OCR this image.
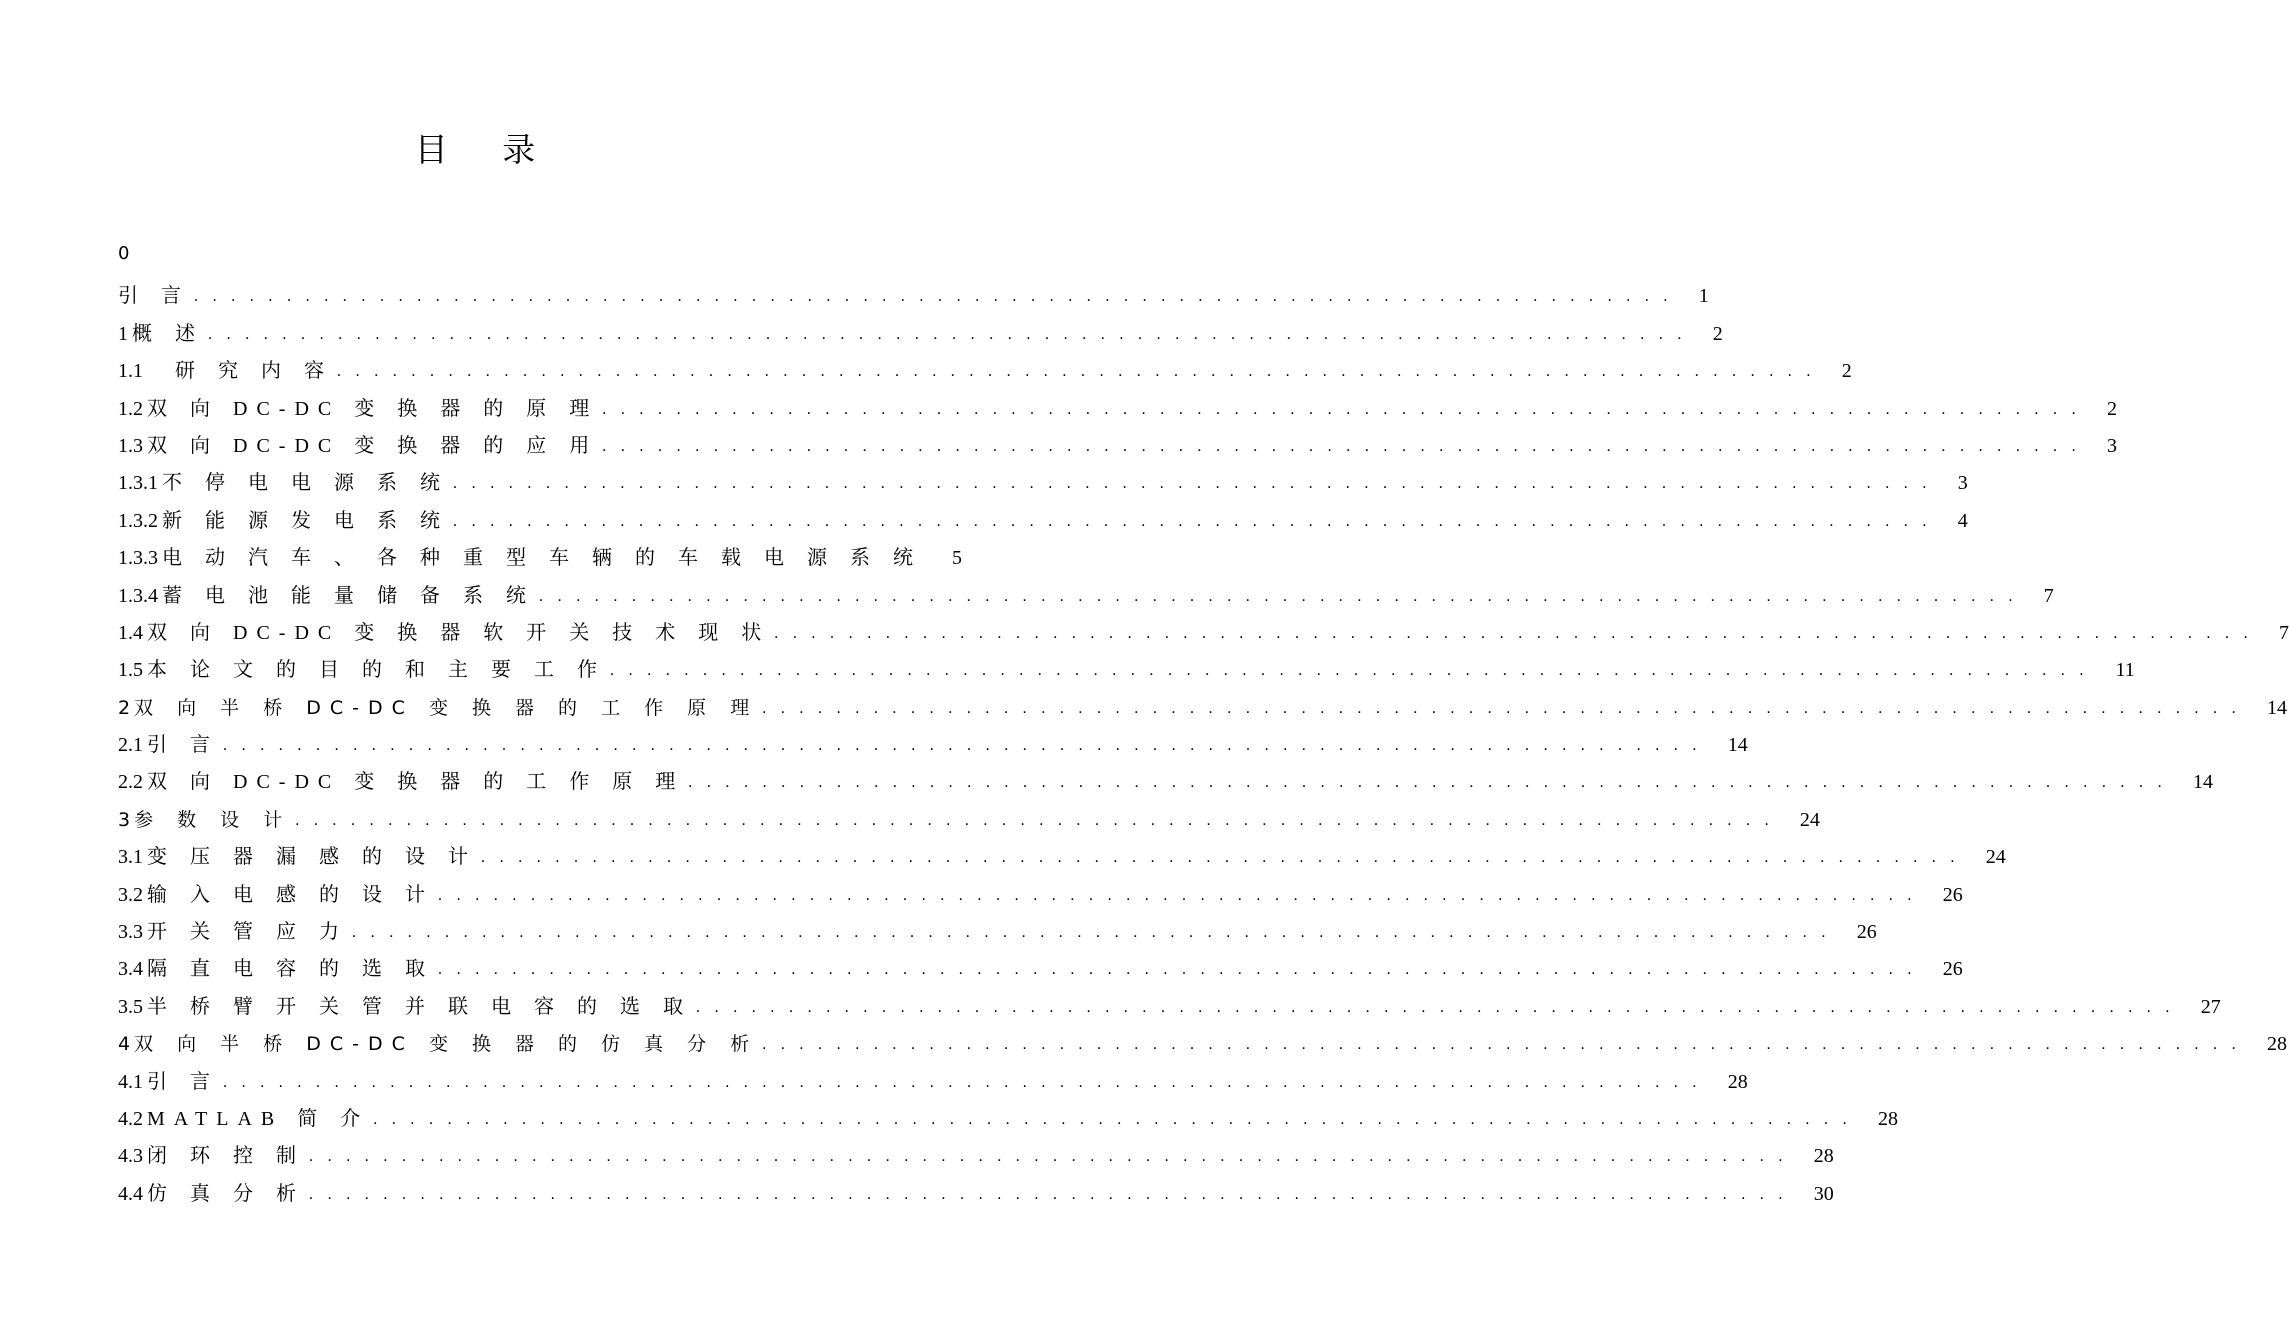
目 录
0
引 言 . . . . . . . . . . . . . . . . . . . . . . . . . . . . . . . . . . . . . . . . . . . . . . . . . . . . . . . . . . . . . . . . . . . . . . . . . . . . . . . .	1
1 概 述 . . . . . . . . . . . . . . . . . . . . . . . . . . . . . . . . . . . . . . . . . . . . . . . . . . . . . . . . . . . . . . . . . . . . . . . . . . . . . . . .	2
1.1  研 究 内 容 . . . . . . . . . . . . . . . . . . . . . . . . . . . . . . . . . . . . . . . . . . . . . . . . . . . . . . . . . . . . . . . . . . . . . . . . . . . . . . . .	2
1.2 双 向 DC-DC 变 换 器 的 原 理 . . . . . . . . . . . . . . . . . . . . . . . . . . . . . . . . . . . . . . . . . . . . . . . . . . . . . . . . . . . . . . . . . . . . . . . . . . . . . . . .	2
1.3 双 向 DC-DC 变 换 器 的 应 用 . . . . . . . . . . . . . . . . . . . . . . . . . . . . . . . . . . . . . . . . . . . . . . . . . . . . . . . . . . . . . . . . . . . . . . . . . . . . . . . .	3
1.3.1 不 停 电 电 源 系 统 . . . . . . . . . . . . . . . . . . . . . . . . . . . . . . . . . . . . . . . . . . . . . . . . . . . . . . . . . . . . . . . . . . . . . . . . . . . . . . . .	3
1.3.2 新 能 源 发 电 系 统 . . . . . . . . . . . . . . . . . . . . . . . . . . . . . . . . . . . . . . . . . . . . . . . . . . . . . . . . . . . . . . . . . . . . . . . . . . . . . . . .	4
1.3.3 电 动 汽 车 、 各 种 重 型 车 辆 的 车 载 电 源 系 统	5
1.3.4 蓄 电 池 能 量 储 备 系 统 . . . . . . . . . . . . . . . . . . . . . . . . . . . . . . . . . . . . . . . . . . . . . . . . . . . . . . . . . . . . . . . . . . . . . . . . . . . . . . . .	7
1.4 双 向 DC-DC 变 换 器 软 开 关 技 术 现 状 . . . . . . . . . . . . . . . . . . . . . . . . . . . . . . . . . . . . . . . . . . . . . . . . . . . . . . . . . . . . . . . . . . . . . . . . . . . . . . . .	7
1.5 本 论 文 的 目 的 和 主 要 工 作 . . . . . . . . . . . . . . . . . . . . . . . . . . . . . . . . . . . . . . . . . . . . . . . . . . . . . . . . . . . . . . . . . . . . . . . . . . . . . . . .	11
2 双 向 半 桥 DC-DC 变 换 器 的 工 作 原 理 . . . . . . . . . . . . . . . . . . . . . . . . . . . . . . . . . . . . . . . . . . . . . . . . . . . . . . . . . . . . . . . . . . . . . . . . . . . . . . . .	14
2.1 引 言 . . . . . . . . . . . . . . . . . . . . . . . . . . . . . . . . . . . . . . . . . . . . . . . . . . . . . . . . . . . . . . . . . . . . . . . . . . . . . . . .	14
2.2 双 向 DC-DC 变 换 器 的 工 作 原 理 . . . . . . . . . . . . . . . . . . . . . . . . . . . . . . . . . . . . . . . . . . . . . . . . . . . . . . . . . . . . . . . . . . . . . . . . . . . . . . . .	14
3 参 数 设 计 . . . . . . . . . . . . . . . . . . . . . . . . . . . . . . . . . . . . . . . . . . . . . . . . . . . . . . . . . . . . . . . . . . . . . . . . . . . . . . . .	24
3.1 变 压 器 漏 感 的 设 计 . . . . . . . . . . . . . . . . . . . . . . . . . . . . . . . . . . . . . . . . . . . . . . . . . . . . . . . . . . . . . . . . . . . . . . . . . . . . . . . .	24
3.2 输 入 电 感 的 设 计 . . . . . . . . . . . . . . . . . . . . . . . . . . . . . . . . . . . . . . . . . . . . . . . . . . . . . . . . . . . . . . . . . . . . . . . . . . . . . . . .	26
3.3 开 关 管 应 力 . . . . . . . . . . . . . . . . . . . . . . . . . . . . . . . . . . . . . . . . . . . . . . . . . . . . . . . . . . . . . . . . . . . . . . . . . . . . . . . .	26
3.4 隔 直 电 容 的 选 取 . . . . . . . . . . . . . . . . . . . . . . . . . . . . . . . . . . . . . . . . . . . . . . . . . . . . . . . . . . . . . . . . . . . . . . . . . . . . . . . .	26
3.5 半 桥 臂 开 关 管 并 联 电 容 的 选 取 . . . . . . . . . . . . . . . . . . . . . . . . . . . . . . . . . . . . . . . . . . . . . . . . . . . . . . . . . . . . . . . . . . . . . . . . . . . . . . . .	27
4 双 向 半 桥 DC-DC 变 换 器 的 仿 真 分 析 . . . . . . . . . . . . . . . . . . . . . . . . . . . . . . . . . . . . . . . . . . . . . . . . . . . . . . . . . . . . . . . . . . . . . . . . . . . . . . . .	28
4.1 引 言 . . . . . . . . . . . . . . . . . . . . . . . . . . . . . . . . . . . . . . . . . . . . . . . . . . . . . . . . . . . . . . . . . . . . . . . . . . . . . . . .	28
4.2 MATLAB 简 介 . . . . . . . . . . . . . . . . . . . . . . . . . . . . . . . . . . . . . . . . . . . . . . . . . . . . . . . . . . . . . . . . . . . . . . . . . . . . . . . .	28
4.3 闭 环 控 制 . . . . . . . . . . . . . . . . . . . . . . . . . . . . . . . . . . . . . . . . . . . . . . . . . . . . . . . . . . . . . . . . . . . . . . . . . . . . . . . .	28
4.4 仿 真 分 析 . . . . . . . . . . . . . . . . . . . . . . . . . . . . . . . . . . . . . . . . . . . . . . . . . . . . . . . . . . . . . . . . . . . . . . . . . . . . . . . .	30
